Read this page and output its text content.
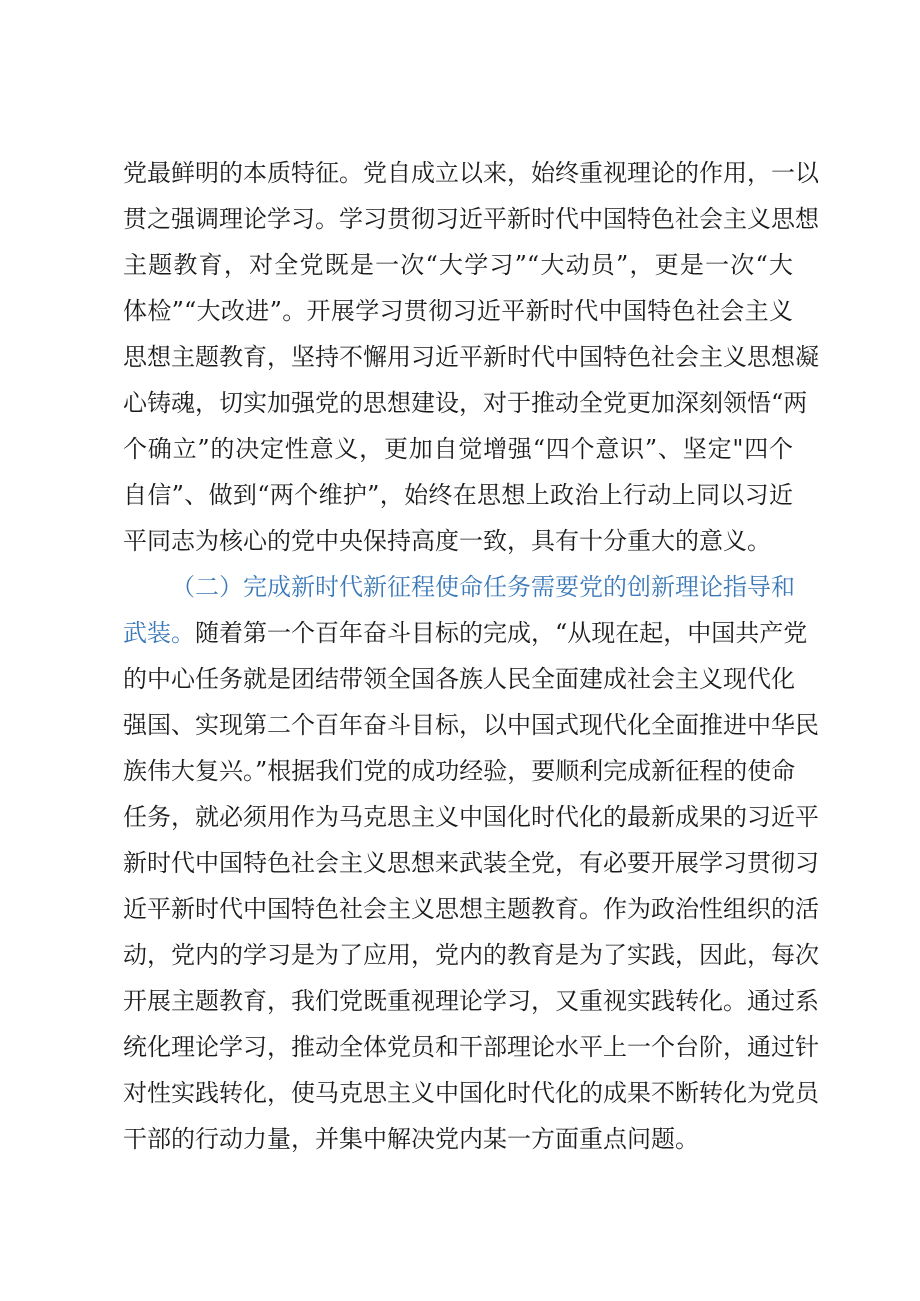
党最鲜明的本质特征。党自成立以来，始终重视理论的作用，一以
贯之强调理论学习。学习贯彻习近平新时代中国特色社会主义思想
主题教育，对全党既是一次“大学习”“大动员”，更是一次“大
体检”“大改进”。开展学习贯彻习近平新时代中国特色社会主义
思想主题教育，坚持不懈用习近平新时代中国特色社会主义思想凝
心铸魂，切实加强党的思想建设，对于推动全党更加深刻领悟“两
个确立”的决定性意义，更加自觉增强“四个意识”、坚定"四个
自信”、做到“两个维护”，始终在思想上政治上行动上同以习近
平同志为核心的党中央保持高度一致，具有十分重大的意义。
（二）完成新时代新征程使命任务需要党的创新理论指导和
武装。随着第一个百年奋斗目标的完成，“从现在起，中国共产党
的中心任务就是团结带领全国各族人民全面建成社会主义现代化
强国、实现第二个百年奋斗目标，以中国式现代化全面推进中华民
族伟大复兴。”根据我们党的成功经验，要顺利完成新征程的使命
任务，就必须用作为马克思主义中国化时代化的最新成果的习近平
新时代中国特色社会主义思想来武装全党，有必要开展学习贯彻习
近平新时代中国特色社会主义思想主题教育。作为政治性组织的活
动，党内的学习是为了应用，党内的教育是为了实践，因此，每次
开展主题教育，我们党既重视理论学习，又重视实践转化。通过系
统化理论学习，推动全体党员和干部理论水平上一个台阶，通过针
对性实践转化，使马克思主义中国化时代化的成果不断转化为党员
干部的行动力量，并集中解决党内某一方面重点问题。
